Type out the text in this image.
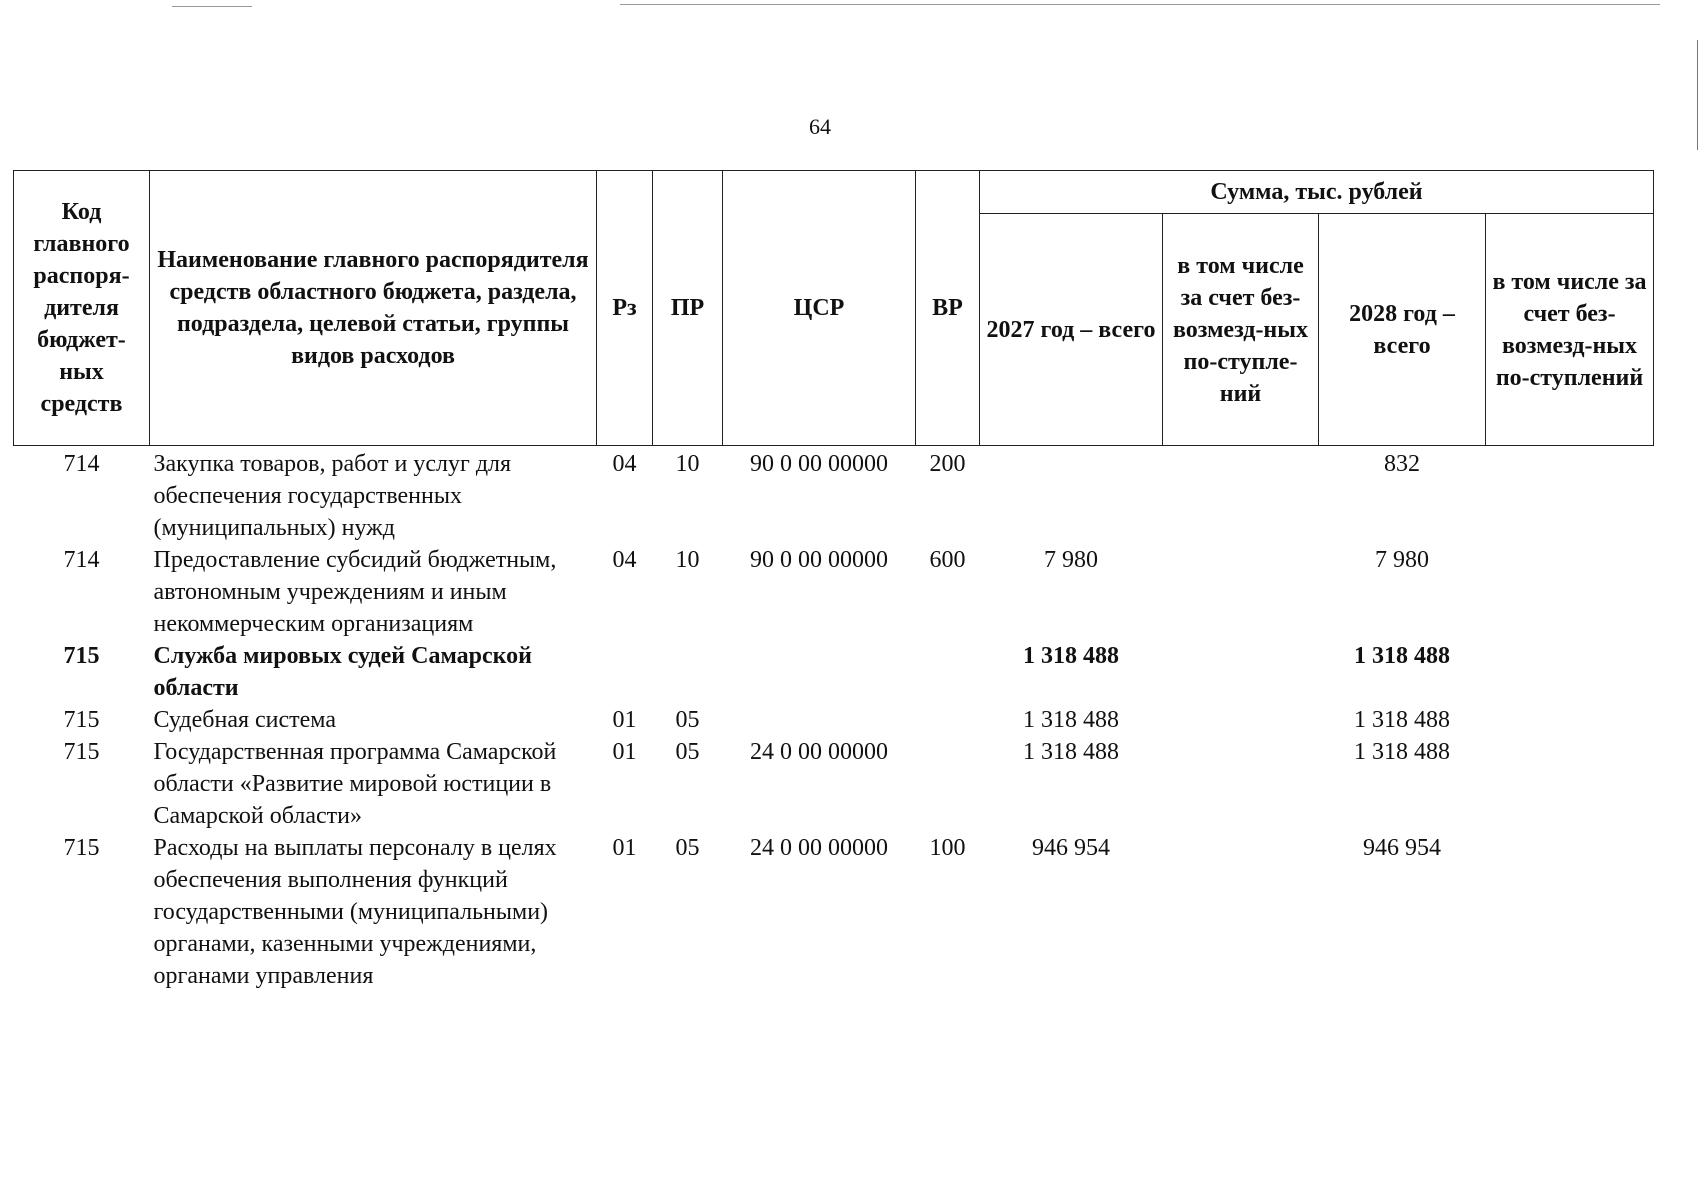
64
Код главного распоря-дителя бюджет-ных средств	Наименование главного распорядителя средств областного бюджета, раздела, подраздела, целевой статьи, группы видов расходов	Рз	ПР	ЦСР	ВР	Сумма, тыс. рублей			
						2027 год – всего	в том числе за счет без-возмезд-ных по-ступле-ний	2028 год – всего	в том числе за счет без-возмезд-ных по-ступлений
714	Закупка товаров, работ и услуг для обеспечения государственных (муниципальных) нужд	04	10	90 0 00 00000	200			832	
714	Предоставление субсидий бюджетным, автономным учреждениям и иным некоммерческим организациям	04	10	90 0 00 00000	600	7 980		7 980	
715	Служба мировых судей Самарской области					1 318 488		1 318 488	
715	Судебная система	01	05			1 318 488		1 318 488	
715	Государственная программа Самарской области «Развитие мировой юстиции в Самарской области»	01	05	24 0 00 00000		1 318 488		1 318 488	
715	Расходы на выплаты персоналу в целях обеспечения выполнения функций государственными (муниципальными) органами, казенными учреждениями, органами управления	01	05	24 0 00 00000	100	946 954		946 954	
